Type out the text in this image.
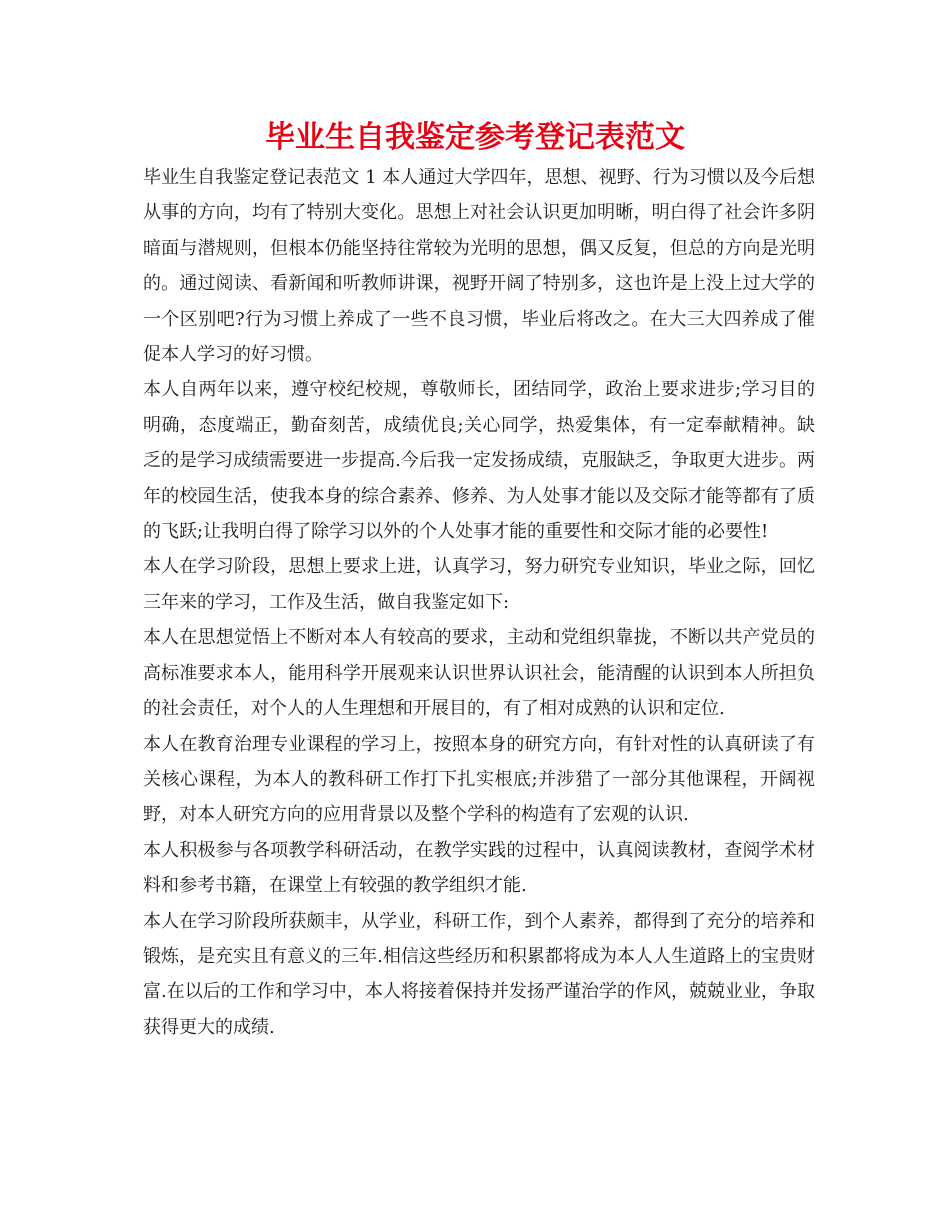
毕业生自我鉴定参考登记表范文

毕业生自我鉴定登记表范文 1 本人通过大学四年，思想、视野、行为习惯以及今后想从事的方向，均有了特别大变化。思想上对社会认识更加明晰，明白得了社会许多阴暗面与潜规则，但根本仍能坚持往常较为光明的思想，偶又反复，但总的方向是光明的。通过阅读、看新闻和听教师讲课，视野开阔了特别多，这也许是上没上过大学的一个区别吧?行为习惯上养成了一些不良习惯，毕业后将改之。在大三大四养成了催促本人学习的好习惯。

本人自两年以来，遵守校纪校规，尊敬师长，团结同学，政治上要求进步;学习目的明确，态度端正，勤奋刻苦，成绩优良;关心同学，热爱集体，有一定奉献精神。缺乏的是学习成绩需要进一步提高.今后我一定发扬成绩，克服缺乏，争取更大进步。两年的校园生活，使我本身的综合素养、修养、为人处事才能以及交际才能等都有了质的飞跃;让我明白得了除学习以外的个人处事才能的重要性和交际才能的必要性!

本人在学习阶段，思想上要求上进，认真学习，努力研究专业知识，毕业之际，回忆三年来的学习，工作及生活，做自我鉴定如下:

本人在思想觉悟上不断对本人有较高的要求，主动和党组织靠拢，不断以共产党员的高标准要求本人，能用科学开展观来认识世界认识社会，能清醒的认识到本人所担负的社会责任，对个人的人生理想和开展目的，有了相对成熟的认识和定位.

本人在教育治理专业课程的学习上，按照本身的研究方向，有针对性的认真研读了有关核心课程，为本人的教科研工作打下扎实根底;并涉猎了一部分其他课程，开阔视野，对本人研究方向的应用背景以及整个学科的构造有了宏观的认识.

本人积极参与各项教学科研活动，在教学实践的过程中，认真阅读教材，查阅学术材料和参考书籍，在课堂上有较强的教学组织才能.

本人在学习阶段所获颇丰，从学业，科研工作，到个人素养，都得到了充分的培养和锻炼，是充实且有意义的三年.相信这些经历和积累都将成为本人人生道路上的宝贵财富.在以后的工作和学习中，本人将接着保持并发扬严谨治学的作风，兢兢业业，争取获得更大的成绩.
